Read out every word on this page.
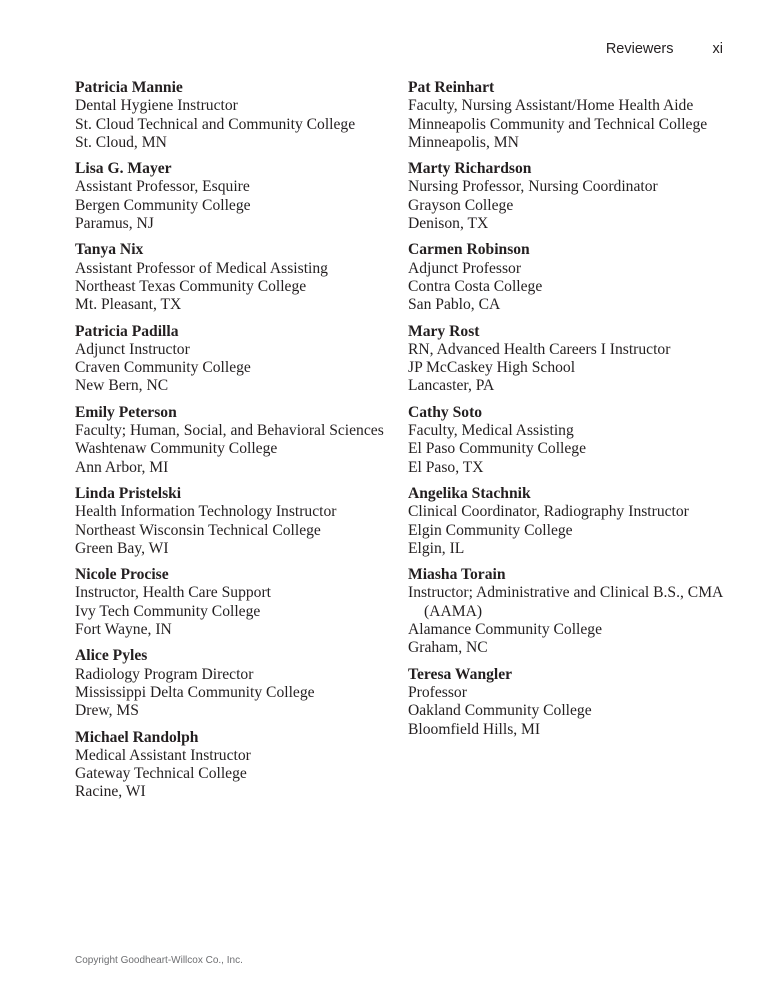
Reviewers	xi
Patricia Mannie
Dental Hygiene Instructor
St. Cloud Technical and Community College
St. Cloud, MN
Lisa G. Mayer
Assistant Professor, Esquire
Bergen Community College
Paramus, NJ
Tanya Nix
Assistant Professor of Medical Assisting
Northeast Texas Community College
Mt. Pleasant, TX
Patricia Padilla
Adjunct Instructor
Craven Community College
New Bern, NC
Emily Peterson
Faculty; Human, Social, and Behavioral Sciences
Washtenaw Community College
Ann Arbor, MI
Linda Pristelski
Health Information Technology Instructor
Northeast Wisconsin Technical College
Green Bay, WI
Nicole Procise
Instructor, Health Care Support
Ivy Tech Community College
Fort Wayne, IN
Alice Pyles
Radiology Program Director
Mississippi Delta Community College
Drew, MS
Michael Randolph
Medical Assistant Instructor
Gateway Technical College
Racine, WI
Pat Reinhart
Faculty, Nursing Assistant/Home Health Aide
Minneapolis Community and Technical College
Minneapolis, MN
Marty Richardson
Nursing Professor, Nursing Coordinator
Grayson College
Denison, TX
Carmen Robinson
Adjunct Professor
Contra Costa College
San Pablo, CA
Mary Rost
RN, Advanced Health Careers I Instructor
JP McCaskey High School
Lancaster, PA
Cathy Soto
Faculty, Medical Assisting
El Paso Community College
El Paso, TX
Angelika Stachnik
Clinical Coordinator, Radiography Instructor
Elgin Community College
Elgin, IL
Miasha Torain
Instructor; Administrative and Clinical B.S., CMA (AAMA)
Alamance Community College
Graham, NC
Teresa Wangler
Professor
Oakland Community College
Bloomfield Hills, MI
Copyright Goodheart-Willcox Co., Inc.
